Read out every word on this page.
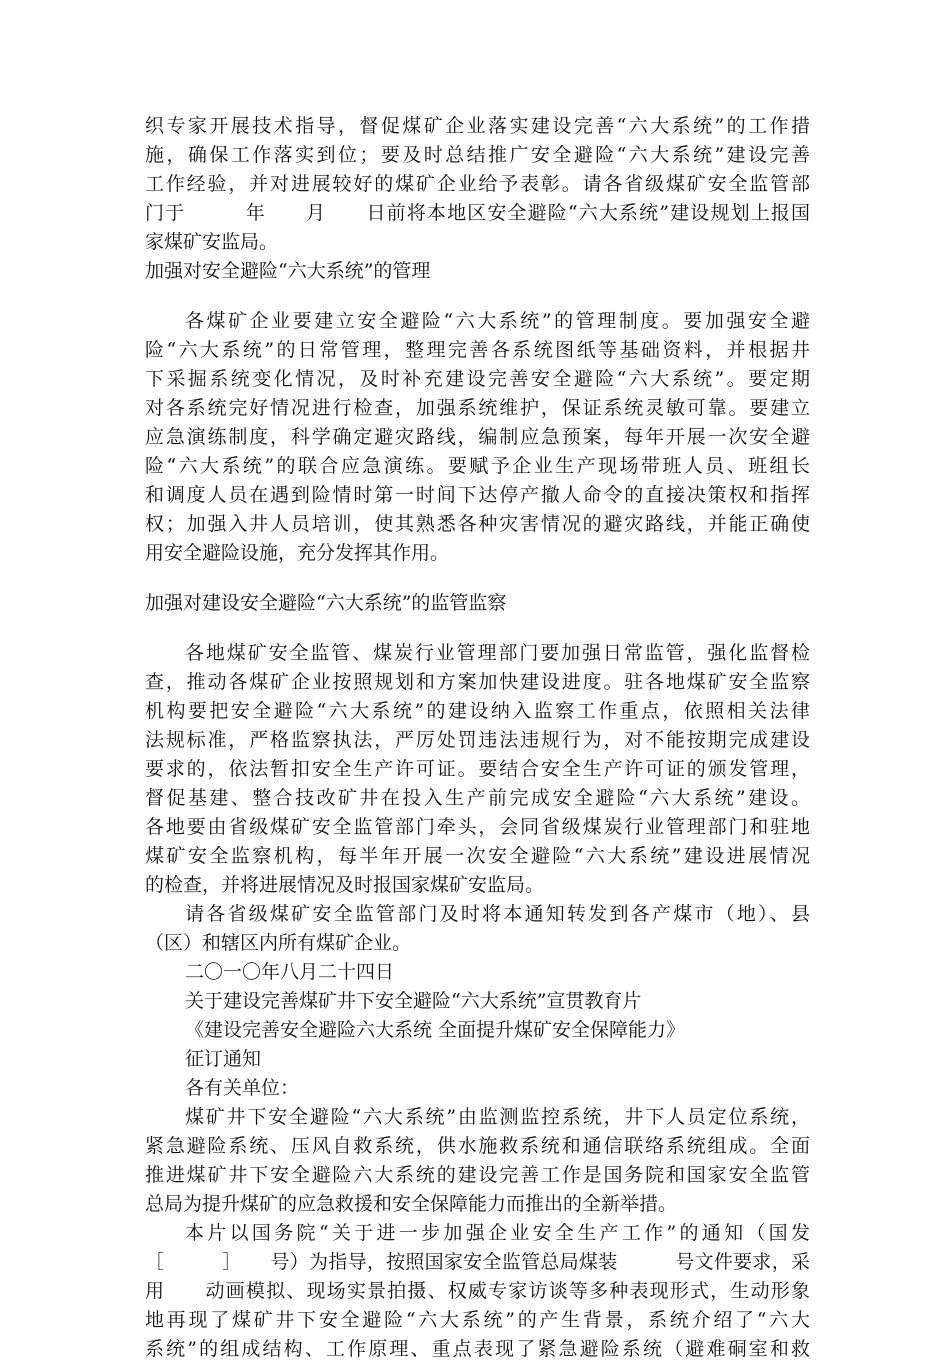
织专家开展技术指导，督促煤矿企业落实建设完善“六大系统”的工作措
施，确保工作落实到位；要及时总结推广安全避险“六大系统”建设完善
工作经验，并对进展较好的煤矿企业给予表彰。请各省级煤矿安全监管部
门于　　　年　　月　　日前将本地区安全避险“六大系统”建设规划上报国
家煤矿安监局。
加强对安全避险“六大系统”的管理
各煤矿企业要建立安全避险“六大系统”的管理制度。要加强安全避
险“六大系统”的日常管理，整理完善各系统图纸等基础资料，并根据井
下采掘系统变化情况，及时补充建设完善安全避险“六大系统”。要定期
对各系统完好情况进行检查，加强系统维护，保证系统灵敏可靠。要建立
应急演练制度，科学确定避灾路线，编制应急预案，每年开展一次安全避
险“六大系统”的联合应急演练。要赋予企业生产现场带班人员、班组长
和调度人员在遇到险情时第一时间下达停产撤人命令的直接决策权和指挥
权；加强入井人员培训，使其熟悉各种灾害情况的避灾路线，并能正确使
用安全避险设施，充分发挥其作用。
加强对建设安全避险“六大系统”的监管监察
各地煤矿安全监管、煤炭行业管理部门要加强日常监管，强化监督检
查，推动各煤矿企业按照规划和方案加快建设进度。驻各地煤矿安全监察
机构要把安全避险“六大系统”的建设纳入监察工作重点，依照相关法律
法规标准，严格监察执法，严厉处罚违法违规行为，对不能按期完成建设
要求的，依法暂扣安全生产许可证。要结合安全生产许可证的颁发管理，
督促基建、整合技改矿井在投入生产前完成安全避险“六大系统”建设。
各地要由省级煤矿安全监管部门牵头，会同省级煤炭行业管理部门和驻地
煤矿安全监察机构，每半年开展一次安全避险“六大系统”建设进展情况
的检查，并将进展情况及时报国家煤矿安监局。
请各省级煤矿安全监管部门及时将本通知转发到各产煤市（地）、县
（区）和辖区内所有煤矿企业。
二〇一〇年八月二十四日
关于建设完善煤矿井下安全避险“六大系统”宣贯教育片
《建设完善安全避险六大系统 全面提升煤矿安全保障能力》
征订通知
各有关单位：
煤矿井下安全避险“六大系统”由监测监控系统，井下人员定位系统，
紧急避险系统、压风自救系统，供水施救系统和通信联络系统组成。全面
推进煤矿井下安全避险六大系统的建设完善工作是国务院和国家安全监管
总局为提升煤矿的应急救援和安全保障能力而推出的全新举措。
本片以国务院“关于进一步加强企业安全生产工作”的通知（国发
［　　　］　　号）为指导，按照国家安全监管总局煤装　　　号文件要求，采
用　　动画模拟、现场实景拍摄、权威专家访谈等多种表现形式，生动形象
地再现了煤矿井下安全避险“六大系统”的产生背景，系统介绍了“六大
系统”的组成结构、工作原理、重点表现了紧急避险系统（避难硐室和救
